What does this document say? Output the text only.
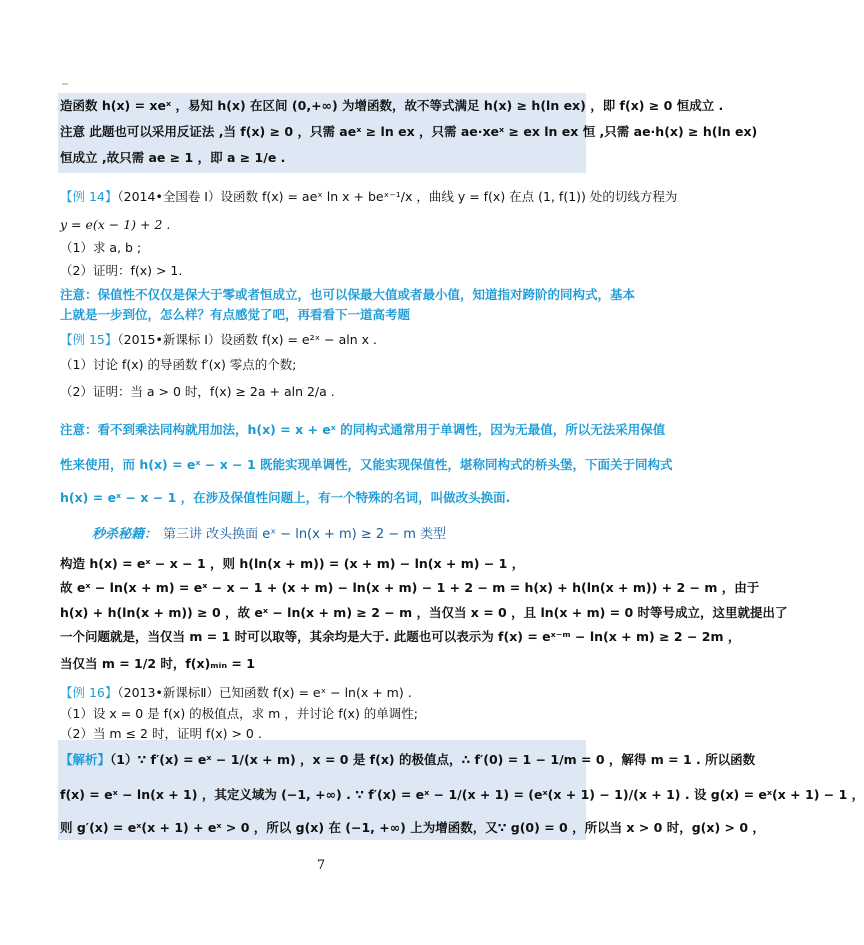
造函数 h(x) = xeˣ ，易知 h(x) 在区间 (0,+∞) 为增函数，故不等式满足 h(x) ≥ h(ln ex) ，即 f(x) ≥ 0 恒成立 .
注意 此题也可以采用反证法 ,当 f(x) ≥ 0 ，只需 aeˣ ≥ ln ex ，只需 ae·xeˣ ≥ ex ln ex 恒 ,只需 ae·h(x) ≥ h(ln ex)
恒成立 ,故只需 ae ≥ 1 ，即 a ≥ 1/e .
【例 14】（2014•全国卷 I）设函数 f(x) = aeˣ ln x + beˣ⁻¹/x ，曲线 y = f(x) 在点 (1, f(1)) 处的切线方程为
y = e(x − 1) + 2 .
（1）求 a, b ;
（2）证明：f(x) > 1.
注意：保值性不仅仅是保大于零或者恒成立，也可以保最大值或者最小值，知道指对跨阶的同构式，基本
上就是一步到位，怎么样？有点感觉了吧，再看看下一道高考题
【例 15】（2015•新课标 I）设函数 f(x) = e²ˣ − aln x .
（1）讨论 f(x) 的导函数 f′(x) 零点的个数;
（2）证明：当 a > 0 时，f(x) ≥ 2a + aln 2/a .
注意：看不到乘法同构就用加法，h(x) = x + eˣ 的同构式通常用于单调性，因为无最值，所以无法采用保值
性来使用，而 h(x) = eˣ − x − 1 既能实现单调性，又能实现保值性，堪称同构式的桥头堡，下面关于同构式
h(x) = eˣ − x − 1 ，在涉及保值性问题上，有一个特殊的名词，叫做改头换面.
秒杀秘籍： 第三讲 改头换面 eˣ − ln(x + m) ≥ 2 − m 类型
构造 h(x) = eˣ − x − 1 ，则 h(ln(x + m)) = (x + m) − ln(x + m) − 1 ，
故 eˣ − ln(x + m) = eˣ − x − 1 + (x + m) − ln(x + m) − 1 + 2 − m = h(x) + h(ln(x + m)) + 2 − m ，由于
h(x) + h(ln(x + m)) ≥ 0 ，故 eˣ − ln(x + m) ≥ 2 − m ，当仅当 x = 0 ，且 ln(x + m) = 0 时等号成立，这里就提出了
一个问题就是，当仅当 m = 1 时可以取等，其余均是大于. 此题也可以表示为 f(x) = eˣ⁻ᵐ − ln(x + m) ≥ 2 − 2m ，
当仅当 m = 1/2 时，f(x)ₘᵢₙ = 1
【例 16】（2013•新课标Ⅱ）已知函数 f(x) = eˣ − ln(x + m) .
（1）设 x = 0 是 f(x) 的极值点，求 m ，并讨论 f(x) 的单调性;
（2）当 m ≤ 2 时，证明 f(x) > 0 .
【解析】（1）∵ f′(x) = eˣ − 1/(x + m) ，x = 0 是 f(x) 的极值点，∴ f′(0) = 1 − 1/m = 0 ，解得 m = 1 . 所以函数
f(x) = eˣ − ln(x + 1) ，其定义域为 (−1, +∞) . ∵ f′(x) = eˣ − 1/(x + 1) = (eˣ(x + 1) − 1)/(x + 1) . 设 g(x) = eˣ(x + 1) − 1 ，
则 g′(x) = eˣ(x + 1) + eˣ > 0 ，所以 g(x) 在 (−1, +∞) 上为增函数，又∵ g(0) = 0 ，所以当 x > 0 时，g(x) > 0 ，
7
